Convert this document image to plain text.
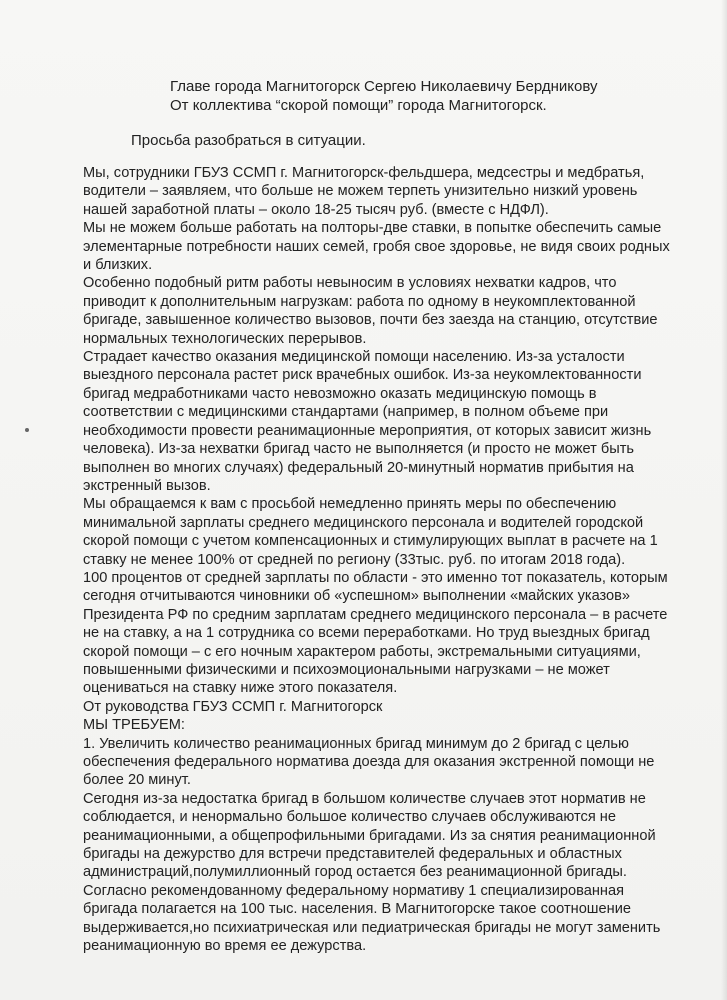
Главе города Магнитогорск Сергею Николаевичу Бердникову
От коллектива “скорой помощи” города Магнитогорск.
Просьба разобраться в ситуации.
Мы, сотрудники ГБУЗ ССМП г. Магнитогорск-фельдшера, медсестры и медбратья,
водители – заявляем, что больше не можем терпеть унизительно низкий уровень
нашей заработной платы – около 18-25 тысяч руб. (вместе с НДФЛ).
Мы не можем больше работать на полторы-две ставки, в попытке обеспечить самые
элементарные потребности наших семей, гробя свое здоровье, не видя своих родных
и близких.
Особенно подобный ритм работы невыносим в условиях нехватки кадров, что
приводит к дополнительным нагрузкам: работа по одному в неукомплектованной
бригаде, завышенное количество вызовов, почти без заезда на станцию, отсутствие
нормальных технологических перерывов.
Страдает качество оказания медицинской помощи населению. Из-за усталости
выездного персонала растет риск врачебных ошибок. Из-за неукомлектованности
бригад медработниками часто невозможно оказать медицинскую помощь в
соответствии с медицинскими стандартами (например, в полном объеме при
необходимости провести реанимационные мероприятия, от которых зависит жизнь
человека). Из-за нехватки бригад часто не выполняется (и просто не может быть
выполнен во многих случаях) федеральный 20-минутный норматив прибытия на
экстренный вызов.
Мы обращаемся к вам с просьбой немедленно принять меры по обеспечению
минимальной зарплаты среднего медицинского персонала и водителей городской
скорой помощи с учетом компенсационных и стимулирующих выплат в расчете на 1
ставку не менее 100% от средней по региону (33тыс. руб. по итогам 2018 года).
100 процентов от средней зарплаты по области - это именно тот показатель, которым
сегодня отчитываются чиновники об «успешном» выполнении «майских указов»
Президента РФ по средним зарплатам среднего медицинского персонала – в расчете
не на ставку, а на 1 сотрудника со всеми переработками. Но труд выездных бригад
скорой помощи – с его ночным характером работы, экстремальными ситуациями,
повышенными физическими и психоэмоциональными нагрузками – не может
оцениваться на ставку ниже этого показателя.
От руководства ГБУЗ ССМП г. Магнитогорск
МЫ ТРЕБУЕМ:
1. Увеличить количество реанимационных бригад минимум до 2 бригад с целью
обеспечения федерального норматива доезда для оказания экстренной помощи не
более 20 минут.
Сегодня из-за недостатка бригад в большом количестве случаев этот норматив не
соблюдается, и ненормально большое количество случаев обслуживаются не
реанимационными, а общепрофильными бригадами. Из за снятия реанимационной
бригады на дежурство для встречи представителей федеральных и областных
администраций,полумиллионный город остается без реанимационной бригады.
Согласно рекомендованному федеральному нормативу 1 специализированная
бригада полагается на 100 тыс. населения. В Магнитогорске такое соотношение
выдерживается,но психиатрическая или педиатрическая бригады не могут заменить
реанимационную во время ее дежурства.
